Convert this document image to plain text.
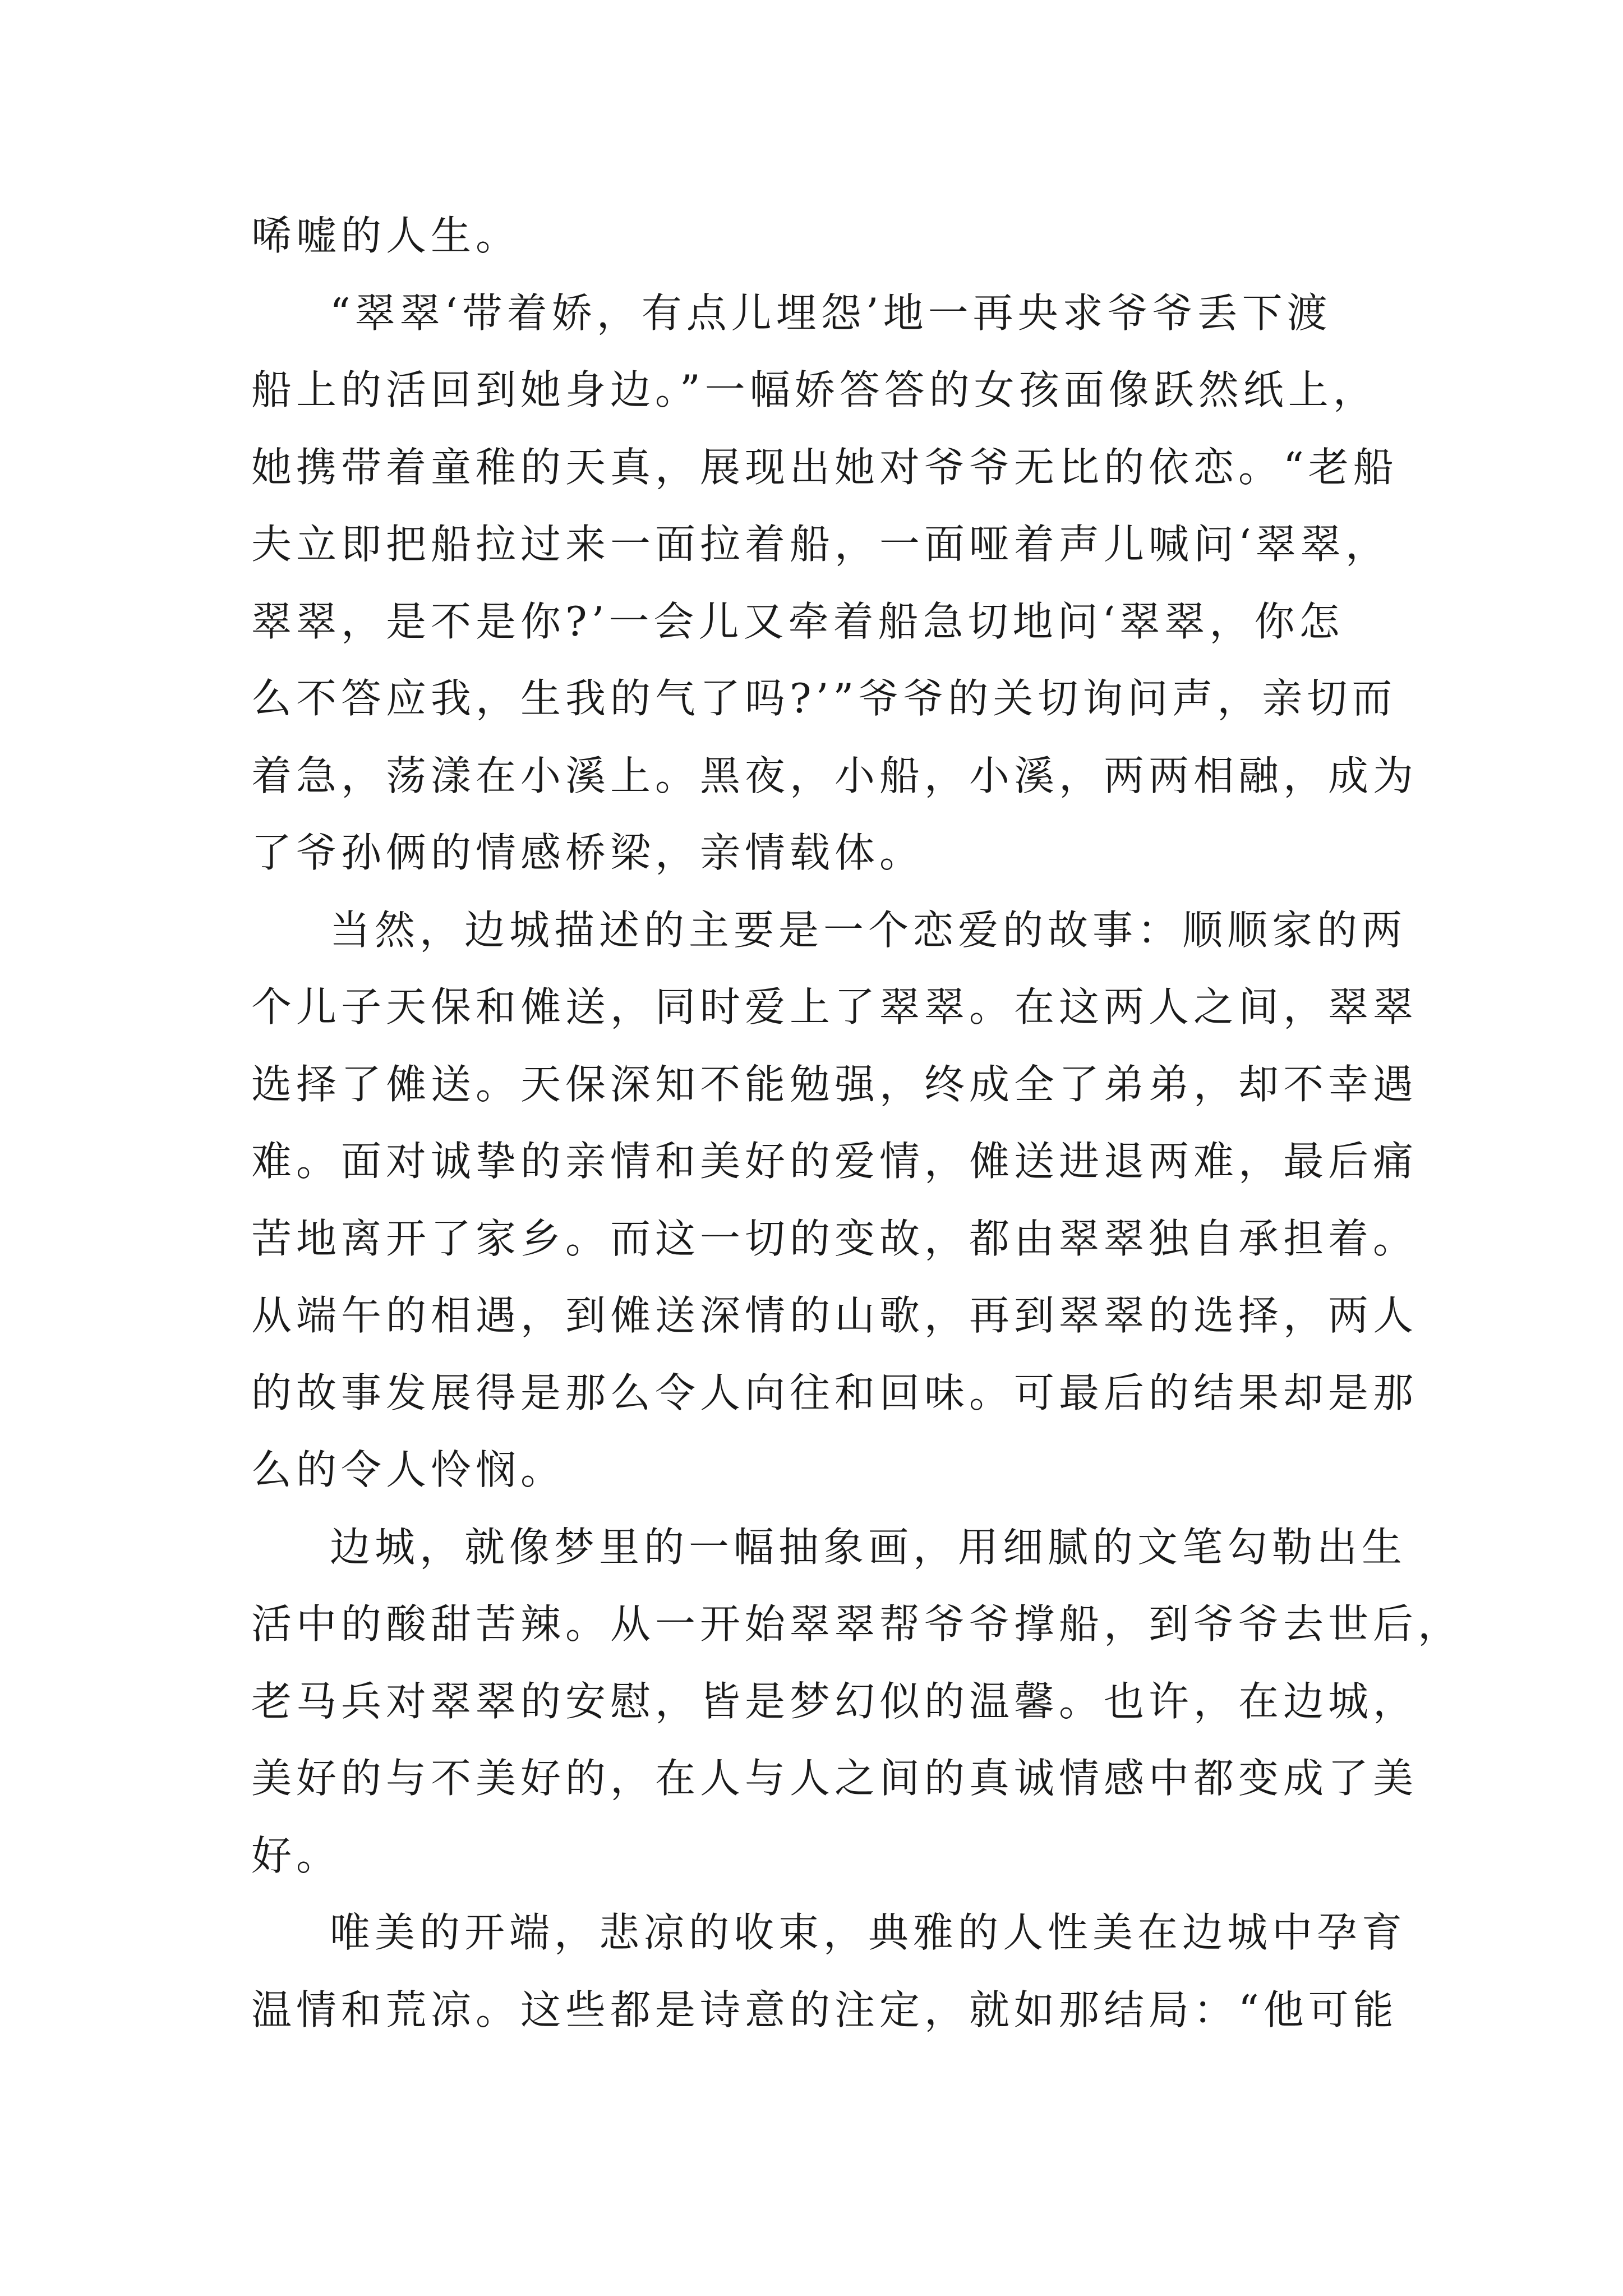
唏嘘的人生。
“翠翠‘带着娇，有点儿埋怨’地一再央求爷爷丢下渡
船上的活回到她身边。”一幅娇答答的女孩面像跃然纸上，
她携带着童稚的天真，展现出她对爷爷无比的依恋。“老船
夫立即把船拉过来一面拉着船，一面哑着声儿喊问‘翠翠，
翠翠，是不是你?’一会儿又牵着船急切地问‘翠翠，你怎
么不答应我，生我的气了吗?’”爷爷的关切询问声，亲切而
着急，荡漾在小溪上。黑夜，小船，小溪，两两相融，成为
了爷孙俩的情感桥梁，亲情载体。
当然，边城描述的主要是一个恋爱的故事：顺顺家的两
个儿子天保和傩送，同时爱上了翠翠。在这两人之间，翠翠
选择了傩送。天保深知不能勉强，终成全了弟弟，却不幸遇
难。面对诚挚的亲情和美好的爱情，傩送进退两难，最后痛
苦地离开了家乡。而这一切的变故，都由翠翠独自承担着。
从端午的相遇，到傩送深情的山歌，再到翠翠的选择，两人
的故事发展得是那么令人向往和回味。可最后的结果却是那
么的令人怜悯。
边城，就像梦里的一幅抽象画，用细腻的文笔勾勒出生
活中的酸甜苦辣。从一开始翠翠帮爷爷撑船，到爷爷去世后，
老马兵对翠翠的安慰，皆是梦幻似的温馨。也许，在边城，
美好的与不美好的，在人与人之间的真诚情感中都变成了美
好。
唯美的开端，悲凉的收束，典雅的人性美在边城中孕育
温情和荒凉。这些都是诗意的注定，就如那结局：“他可能
